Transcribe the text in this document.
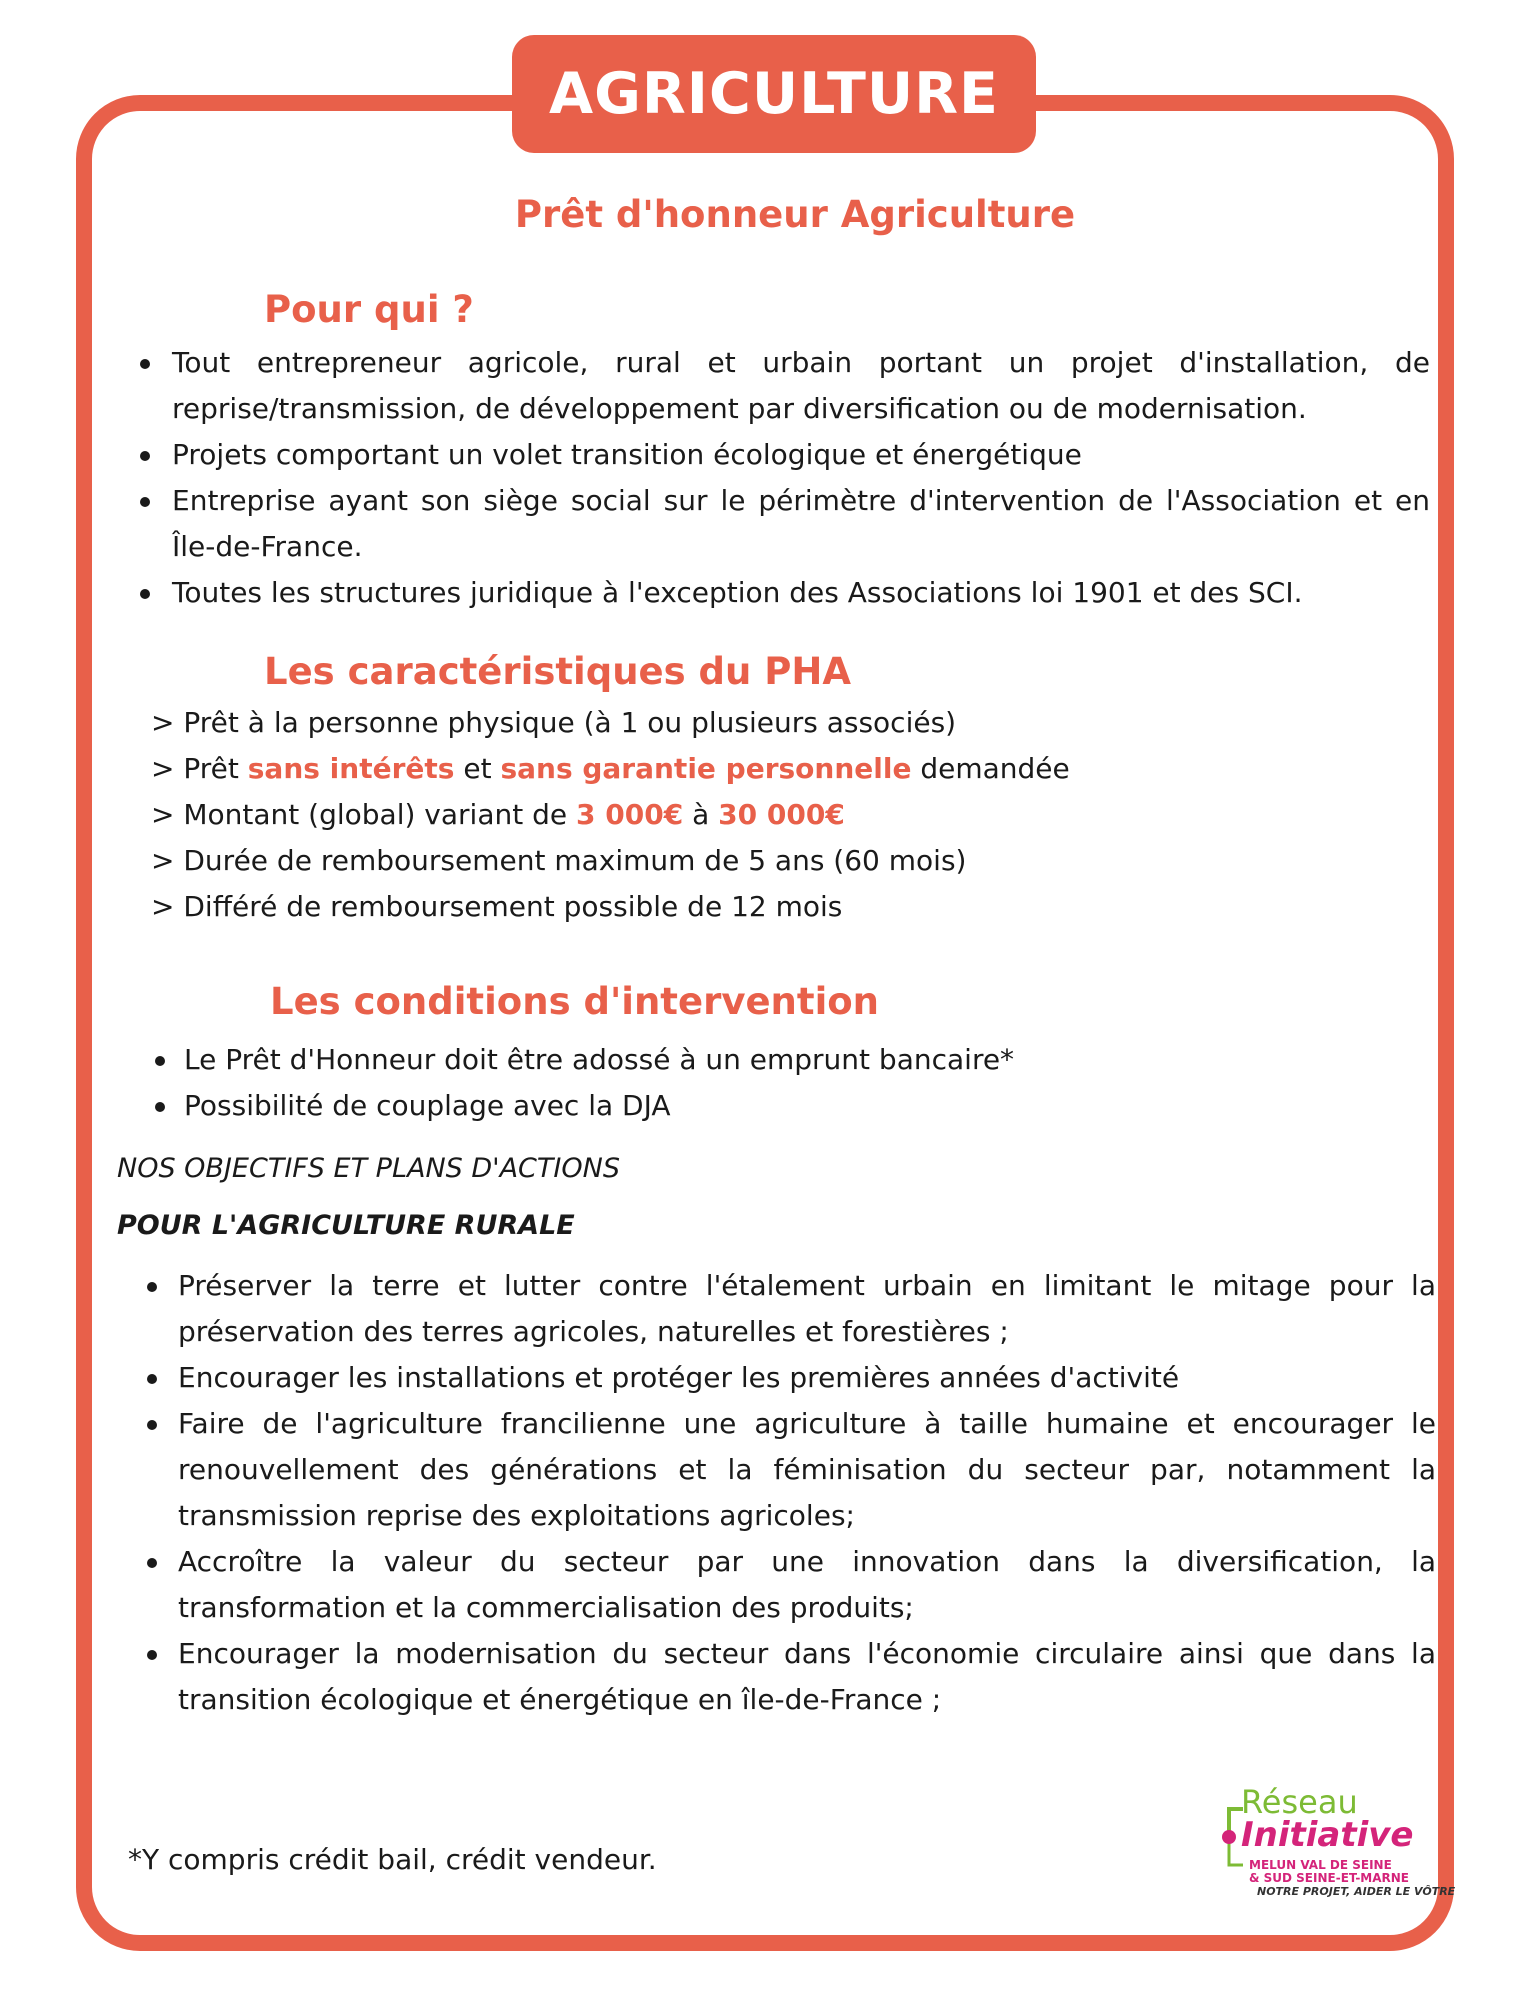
AGRICULTURE
Prêt d'honneur Agriculture
Pour qui ?
Tout entrepreneur agricole, rural et urbain portant un projet d'installation, de reprise/transmission, de développement par diversification ou de modernisation.
Projets comportant un volet transition écologique et énergétique
Entreprise ayant son siège social sur le périmètre d'intervention de l'Association et en Île-de-France.
Toutes les structures juridique à l'exception des Associations loi 1901 et des SCI.
Les caractéristiques du PHA
> Prêt à la personne physique (à 1 ou plusieurs associés)
> Prêt sans intérêts et sans garantie personnelle demandée
> Montant (global) variant de 3 000€ à 30 000€
> Durée de remboursement maximum de 5 ans (60 mois)
> Différé de remboursement possible de 12 mois
Les conditions d'intervention
Le Prêt d'Honneur doit être adossé à un emprunt bancaire*
Possibilité de couplage avec la DJA
NOS OBJECTIFS ET PLANS D'ACTIONS
POUR L'AGRICULTURE RURALE
Préserver la terre et lutter contre l'étalement urbain en limitant le mitage pour la préservation des terres agricoles, naturelles et forestières ;
Encourager les installations et protéger les premières années d'activité
Faire de l'agriculture francilienne une agriculture à taille humaine et encourager le renouvellement des générations et la féminisation du secteur par, notamment la transmission reprise des exploitations agricoles;
Accroître la valeur du secteur par une innovation dans la diversification, la transformation et la commercialisation des produits;
Encourager la modernisation du secteur dans l'économie circulaire ainsi que dans la transition écologique et énergétique en île-de-France ;
*Y compris crédit bail, crédit vendeur.
Réseau
Initiative
MELUN VAL DE SEINE
& SUD SEINE-ET-MARNE
NOTRE PROJET, AIDER LE VÔTRE
